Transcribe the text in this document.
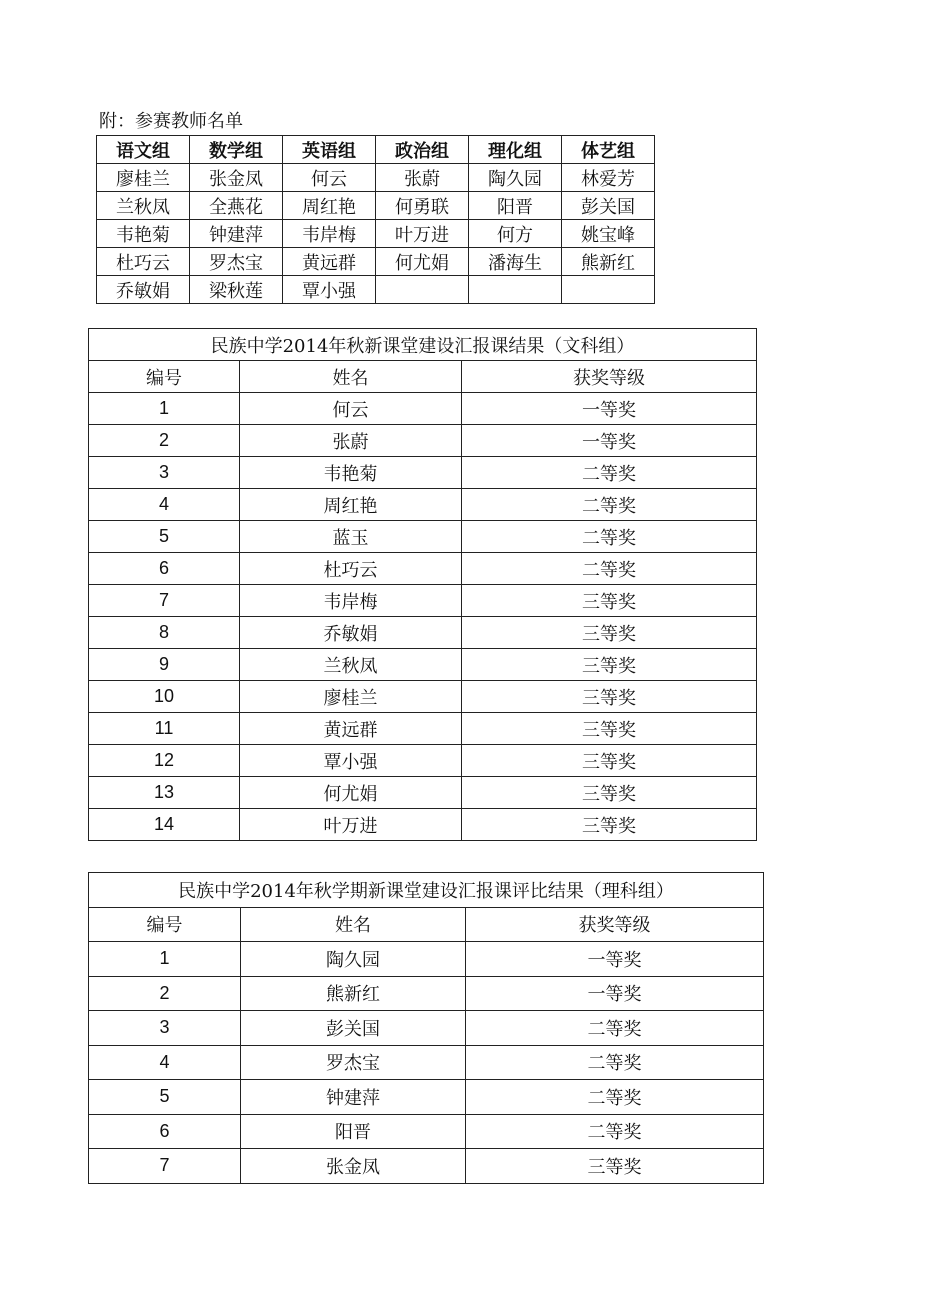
附：参赛教师名单
语文组	数学组	英语组	政治组	理化组	体艺组
廖桂兰	张金凤	何云	张蔚	陶久园	林爱芳
兰秋凤	全燕花	周红艳	何勇联	阳晋	彭关国
韦艳菊	钟建萍	韦岸梅	叶万进	何方	姚宝峰
杜巧云	罗杰宝	黄远群	何尤娟	潘海生	熊新红
乔敏娟	梁秋莲	覃小强			
民族中学2014年秋新课堂建设汇报课结果（文科组）		
编号	姓名	获奖等级
1	何云	一等奖
2	张蔚	一等奖
3	韦艳菊	二等奖
4	周红艳	二等奖
5	蓝玉	二等奖
6	杜巧云	二等奖
7	韦岸梅	三等奖
8	乔敏娟	三等奖
9	兰秋凤	三等奖
10	廖桂兰	三等奖
11	黄远群	三等奖
12	覃小强	三等奖
13	何尤娟	三等奖
14	叶万进	三等奖
民族中学2014年秋学期新课堂建设汇报课评比结果（理科组）		
编号	姓名	获奖等级
1	陶久园	一等奖
2	熊新红	一等奖
3	彭关国	二等奖
4	罗杰宝	二等奖
5	钟建萍	二等奖
6	阳晋	二等奖
7	张金凤	三等奖
